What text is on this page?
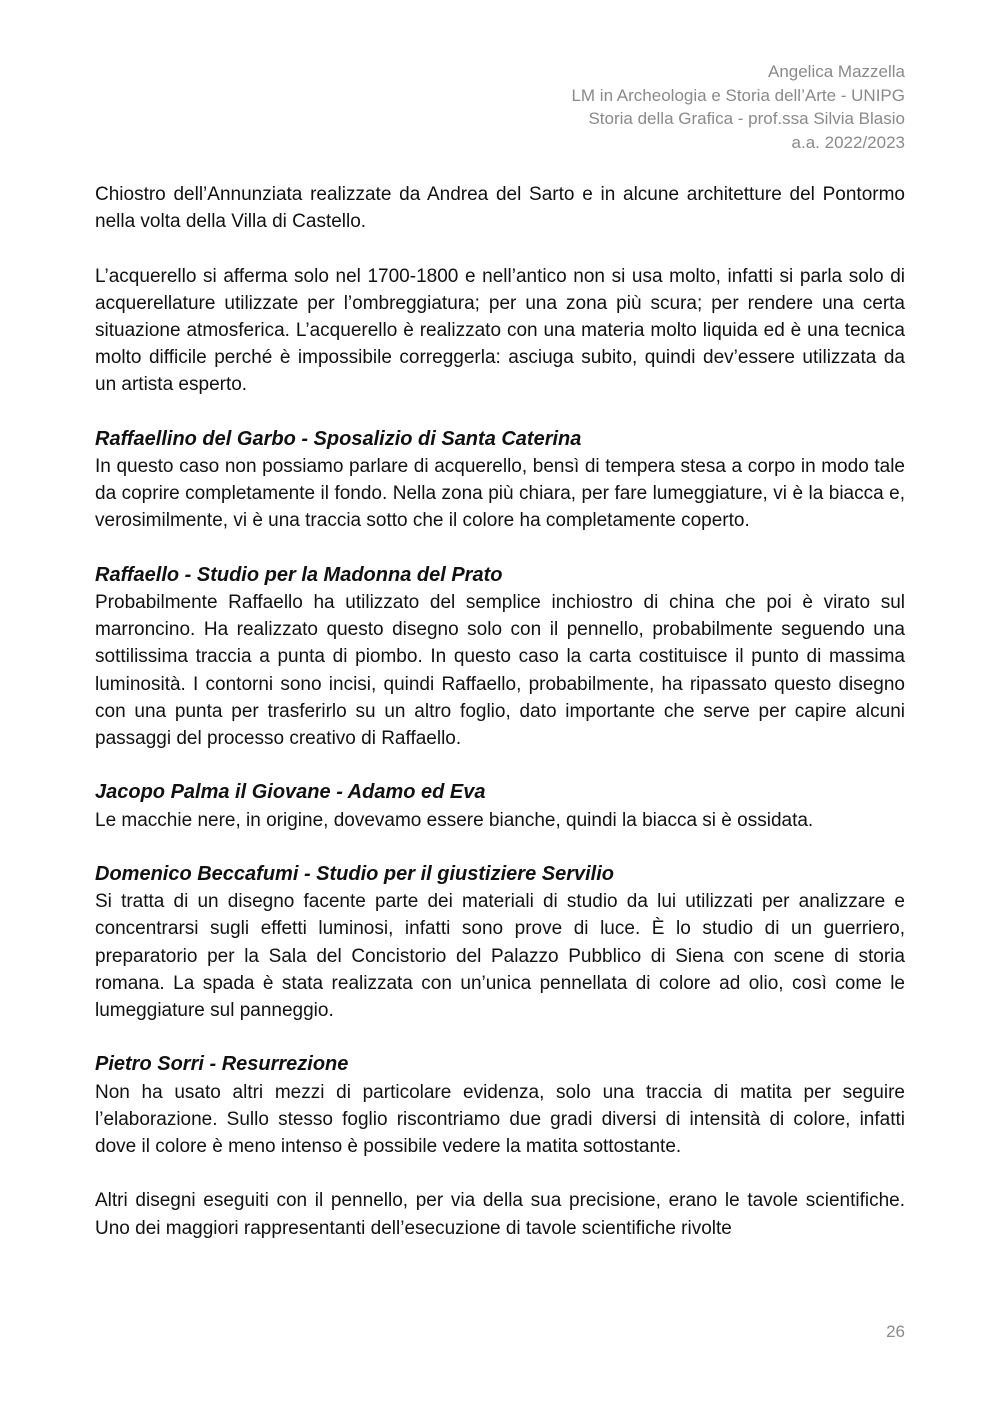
Angelica Mazzella
LM in Archeologia e Storia dell’Arte - UNIPG
Storia della Grafica - prof.ssa Silvia Blasio
a.a. 2022/2023

Chiostro dell’Annunziata realizzate da Andrea del Sarto e in alcune architetture del Pontormo nella volta della Villa di Castello.

L’acquerello si afferma solo nel 1700-1800 e nell’antico non si usa molto, infatti si parla solo di acquerellature utilizzate per l’ombreggiatura; per una zona più scura; per rendere una certa situazione atmosferica. L’acquerello è realizzato con una materia molto liquida ed è una tecnica molto difficile perché è impossibile correggerla: asciuga subito, quindi dev’essere utilizzata da un artista esperto.

Raffaellino del Garbo - Sposalizio di Santa Caterina

In questo caso non possiamo parlare di acquerello, bensì di tempera stesa a corpo in modo tale da coprire completamente il fondo. Nella zona più chiara, per fare lumeggiature, vi è la biacca e, verosimilmente, vi è una traccia sotto che il colore ha completamente coperto.

Raffaello - Studio per la Madonna del Prato

Probabilmente Raffaello ha utilizzato del semplice inchiostro di china che poi è virato sul marroncino. Ha realizzato questo disegno solo con il pennello, probabilmente seguendo una sottilissima traccia a punta di piombo. In questo caso la carta costituisce il punto di massima luminosità. I contorni sono incisi, quindi Raffaello, probabilmente, ha ripassato questo disegno con una punta per trasferirlo su un altro foglio, dato importante che serve per capire alcuni passaggi del processo creativo di Raffaello.

Jacopo Palma il Giovane - Adamo ed Eva

Le macchie nere, in origine, dovevamo essere bianche, quindi la biacca si è ossidata.

Domenico Beccafumi - Studio per il giustiziere Servilio

Si tratta di un disegno facente parte dei materiali di studio da lui utilizzati per analizzare e concentrarsi sugli effetti luminosi, infatti sono prove di luce. È lo studio di un guerriero, preparatorio per la Sala del Concistorio del Palazzo Pubblico di Siena con scene di storia romana. La spada è stata realizzata con un’unica pennellata di colore ad olio, così come le lumeggiature sul panneggio.

Pietro Sorri - Resurrezione

Non ha usato altri mezzi di particolare evidenza, solo una traccia di matita per seguire l’elaborazione. Sullo stesso foglio riscontriamo due gradi diversi di intensità di colore, infatti dove il colore è meno intenso è possibile vedere la matita sottostante.

Altri disegni eseguiti con il pennello, per via della sua precisione, erano le tavole scientifiche. Uno dei maggiori rappresentanti dell’esecuzione di tavole scientifiche rivolte

26
